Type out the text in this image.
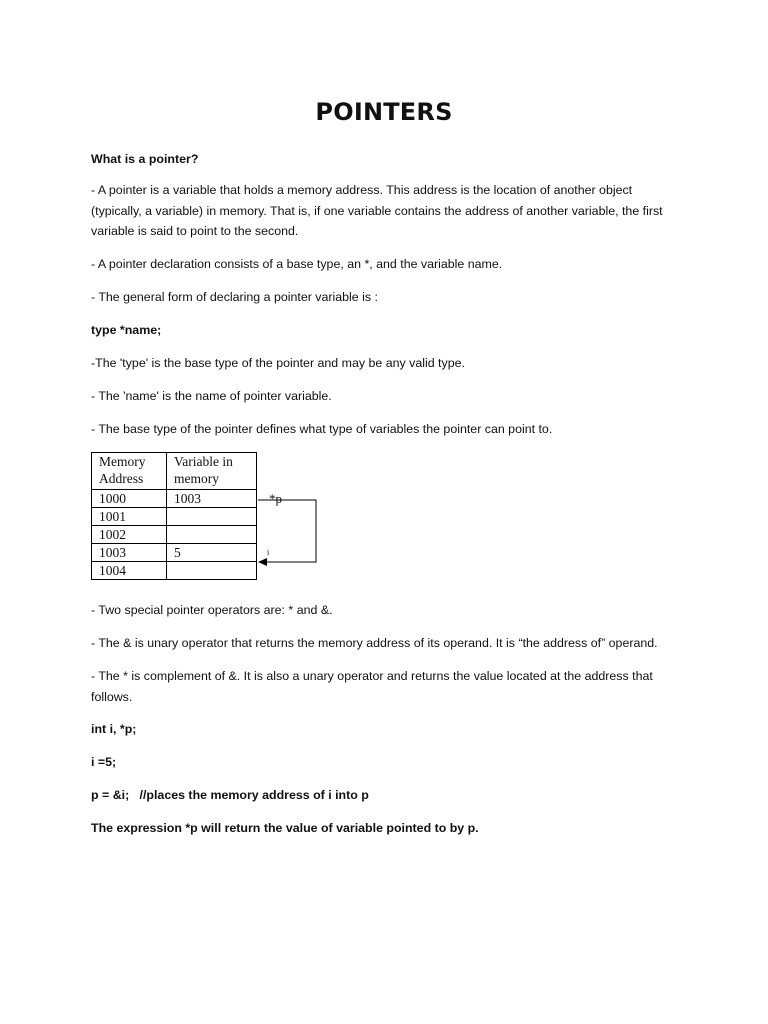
POINTERS

What is a pointer?

- A pointer is a variable that holds a memory address. This address is the location of another object (typically, a variable) in memory. That is, if one variable contains the address of another variable, the first variable is said to point to the second.

- A pointer declaration consists of a base type, an *, and the variable name.

- The general form of declaring a pointer variable is :

type *name;

-The 'type' is the base type of the pointer and may be any valid type.

- The 'name' is the name of pointer variable.

- The base type of the pointer defines what type of variables the pointer can point to.

Memory Address	Variable in memory
1000	1003
1001	
1002	
1003	5
1004	
*p
i

- Two special pointer operators are: * and &.

- The & is unary operator that returns the memory address of its operand. It is “the address of” operand.

- The * is complement of &. It is also a unary operator and returns the value located at the address that follows.

int i, *p;

i =5;

p = &i;   //places the memory address of i into p

The expression *p will return the value of variable pointed to by p.
